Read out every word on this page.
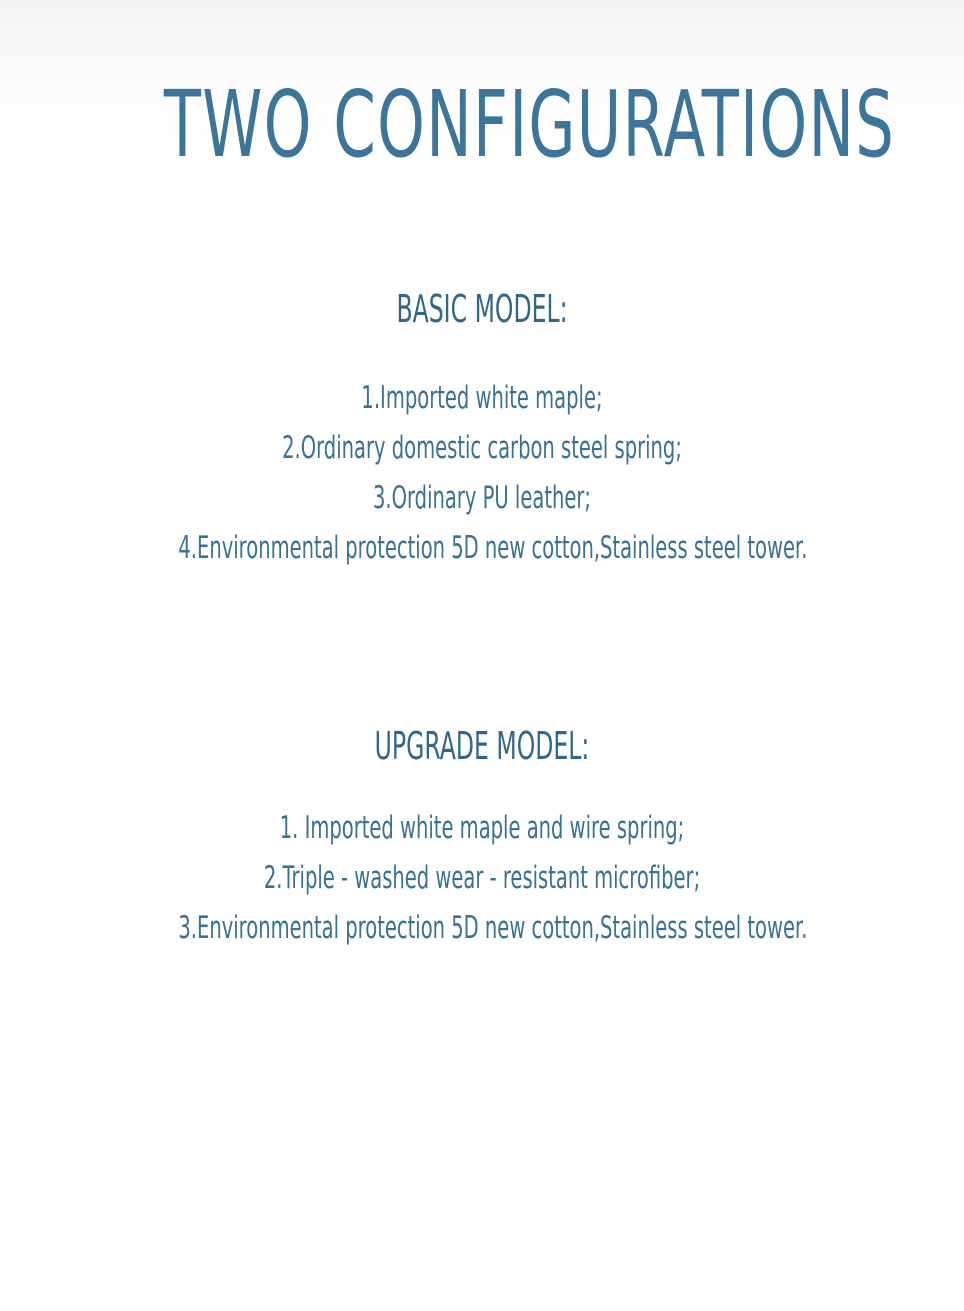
TWO CONFIGURATIONS
BASIC MODEL:
1.Imported white maple;
2.Ordinary domestic carbon steel spring;
3.Ordinary PU leather;
4.Environmental protection 5D new cotton,Stainless steel tower.
UPGRADE MODEL:
1. Imported white maple and wire spring;
2.Triple - washed wear - resistant microfiber;
3.Environmental protection 5D new cotton,Stainless steel tower.
